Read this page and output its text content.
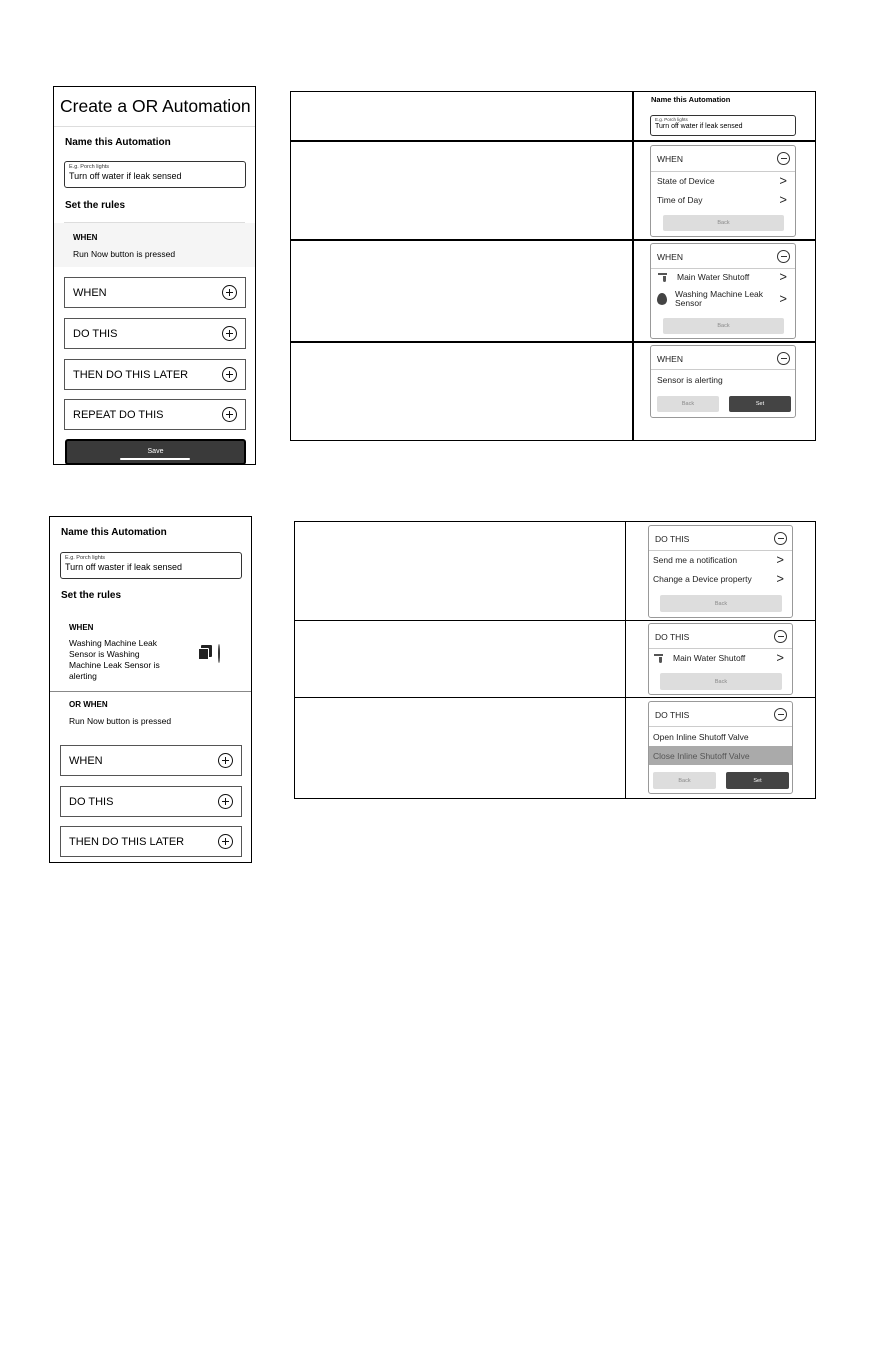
Create a OR Automation
Name this Automation
E.g. Porch lights
Turn off water if leak sensed
Set the rules
WHEN
Run Now button is pressed
WHEN
DO THIS
THEN DO THIS LATER
REPEAT DO THIS
Save
Name this Automation
E.g. Porch lights
Turn off water if leak sensed
WHEN
State of Device	>
Time of Day	>
Back
WHEN
Main Water Shutoff >
Washing Machine Leak Sensor	>
Back
WHEN
Sensor is alerting
Back	Set
Name this Automation
E.g. Porch lights
Turn off waster if leak sensed
Set the rules
WHEN
Washing Machine Leak Sensor is Washing Machine Leak Sensor is alerting
OR WHEN
Run Now button is pressed
WHEN
DO THIS
THEN DO THIS LATER
DO THIS
Send me a notification	>
Change a Device property >
Back
DO THIS
Main Water Shutoff >
Back
DO THIS
Open Inline Shutoff Valve
Close Inline Shutoff Valve
Back	Set
